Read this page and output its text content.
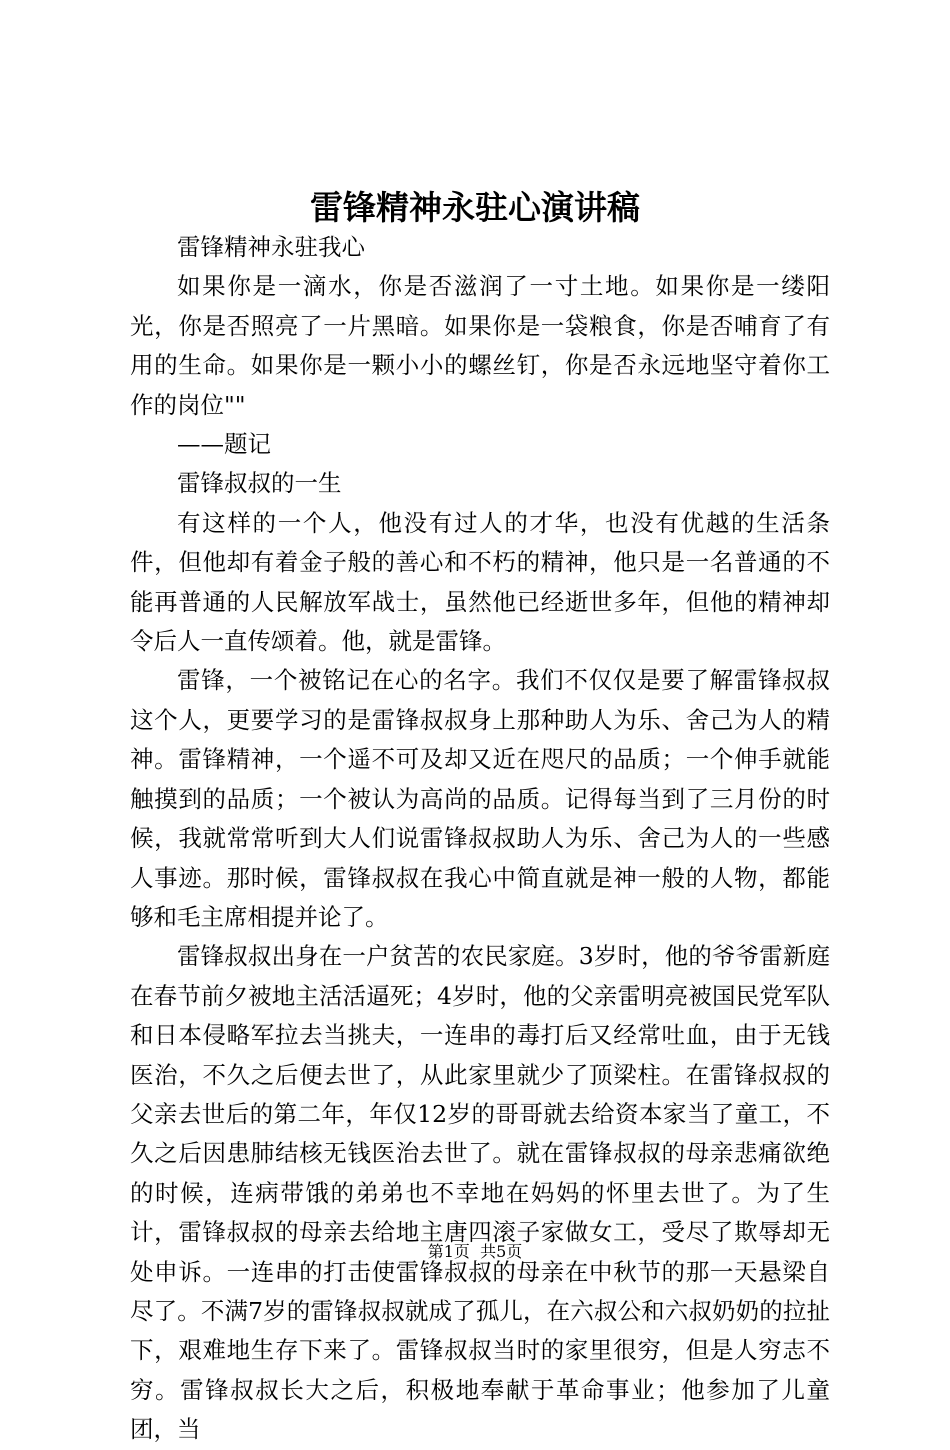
雷锋精神永驻心演讲稿

雷锋精神永驻我心

如果你是一滴水，你是否滋润了一寸土地。如果你是一缕阳光，你是否照亮了一片黑暗。如果你是一袋粮食，你是否哺育了有用的生命。如果你是一颗小小的螺丝钉，你是否永远地坚守着你工作的岗位""

——题记

雷锋叔叔的一生

有这样的一个人，他没有过人的才华，也没有优越的生活条件，但他却有着金子般的善心和不朽的精神，他只是一名普通的不能再普通的人民解放军战士，虽然他已经逝世多年，但他的精神却令后人一直传颂着。他，就是雷锋。

雷锋，一个被铭记在心的名字。我们不仅仅是要了解雷锋叔叔这个人，更要学习的是雷锋叔叔身上那种助人为乐、舍己为人的精神。雷锋精神，一个遥不可及却又近在咫尺的品质；一个伸手就能触摸到的品质；一个被认为高尚的品质。记得每当到了三月份的时候，我就常常听到大人们说雷锋叔叔助人为乐、舍己为人的一些感人事迹。那时候，雷锋叔叔在我心中简直就是神一般的人物，都能够和毛主席相提并论了。

雷锋叔叔出身在一户贫苦的农民家庭。3岁时，他的爷爷雷新庭在春节前夕被地主活活逼死；4岁时，他的父亲雷明亮被国民党军队和日本侵略军拉去当挑夫，一连串的毒打后又经常吐血，由于无钱医治，不久之后便去世了，从此家里就少了顶梁柱。在雷锋叔叔的父亲去世后的第二年，年仅12岁的哥哥就去给资本家当了童工，不久之后因患肺结核无钱医治去世了。就在雷锋叔叔的母亲悲痛欲绝的时候，连病带饿的弟弟也不幸地在妈妈的怀里去世了。为了生计，雷锋叔叔的母亲去给地主唐四滚子家做女工，受尽了欺辱却无处申诉。一连串的打击使雷锋叔叔的母亲在中秋节的那一天悬梁自尽了。不满7岁的雷锋叔叔就成了孤儿，在六叔公和六叔奶奶的拉扯下，艰难地生存下来了。雷锋叔叔当时的家里很穷，但是人穷志不穷。雷锋叔叔长大之后，积极地奉献于革命事业；他参加了儿童团，当

第1页  共5页
